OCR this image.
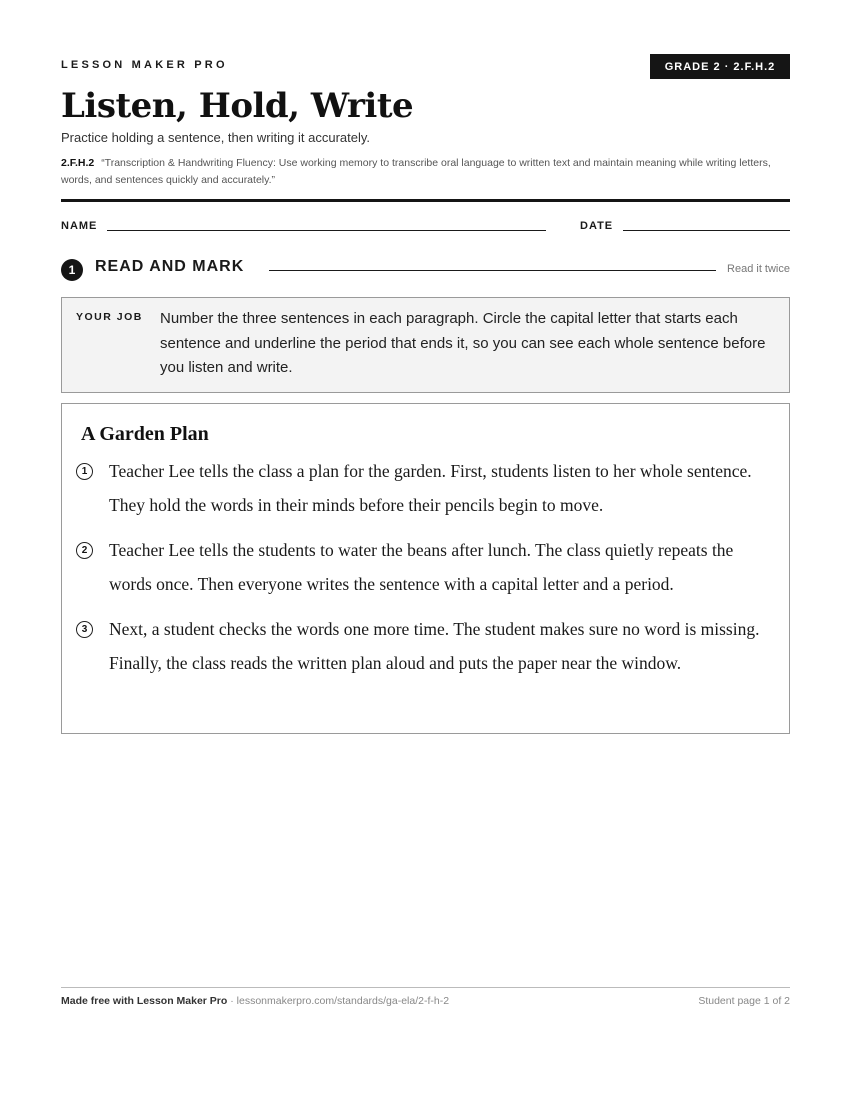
LESSON MAKER PRO	GRADE 2 · 2.F.H.2
Listen, Hold, Write
Practice holding a sentence, then writing it accurately.
2.F.H.2 “Transcription & Handwriting Fluency: Use working memory to transcribe oral language to written text and maintain meaning while writing letters, words, and sentences quickly and accurately.”
NAME	DATE
1	READ AND MARK	Read it twice
YOUR JOB Number the three sentences in each paragraph. Circle the capital letter that starts each sentence and underline the period that ends it, so you can see each whole sentence before you listen and write.
A Garden Plan
1	Teacher Lee tells the class a plan for the garden. First, students listen to her whole sentence. They hold the words in their minds before their pencils begin to move.
2	Teacher Lee tells the students to water the beans after lunch. The class quietly repeats the words once. Then everyone writes the sentence with a capital letter and a period.
3	Next, a student checks the words one more time. The student makes sure no word is missing. Finally, the class reads the written plan aloud and puts the paper near the window.
Made free with Lesson Maker Pro · lessonmakerpro.com/standards/ga-ela/2-f-h-2	Student page 1 of 2
